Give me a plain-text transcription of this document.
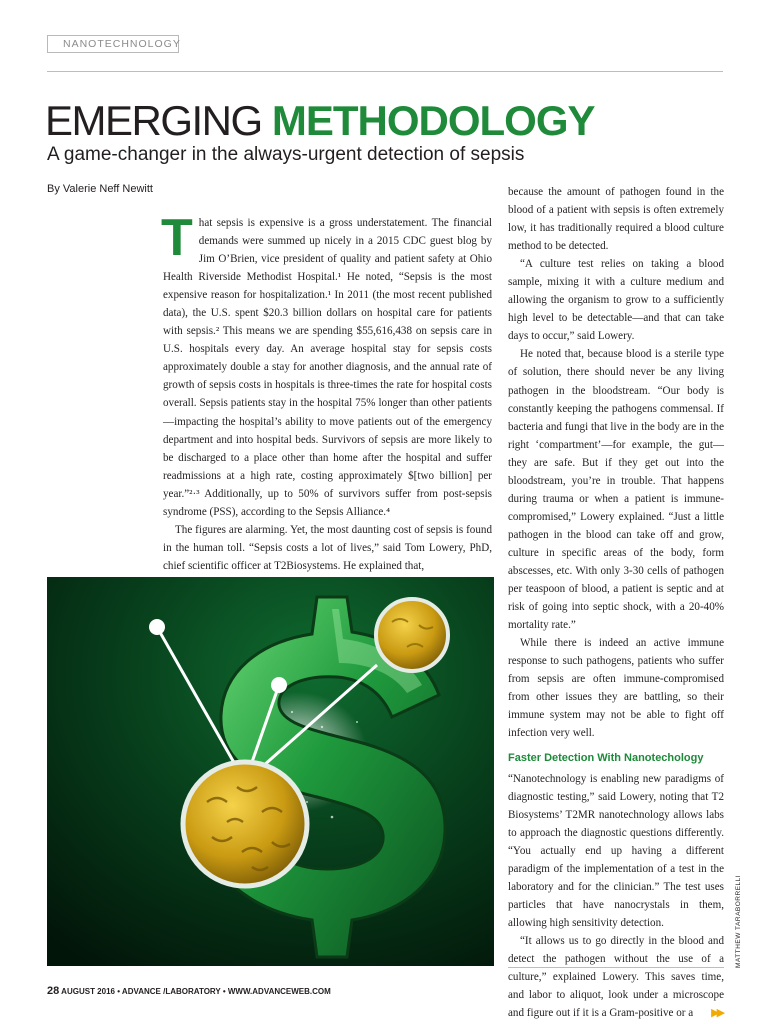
NANOTECHNOLOGY
EMERGING METHODOLOGY
A game-changer in the always-urgent detection of sepsis
By Valerie Neff Newitt

That sepsis is expensive is a gross understatement. The financial demands were summed up nicely in a 2015 CDC guest blog by Jim O’Brien, vice president of quality and patient safety at Ohio Health Riverside Methodist Hospital.¹ He noted, “Sepsis is the most expensive reason for hospitalization.¹ In 2011 (the most recent published data), the U.S. spent $20.3 billion dollars on hospital care for patients with sepsis.² This means we are spending $55,616,438 on sepsis care in U.S. hospitals every day. An average hospital stay for sepsis costs approximately double a stay for another diagnosis, and the annual rate of growth of sepsis costs in hospitals is three-times the rate for hospital costs overall. Sepsis patients stay in the hospital 75% longer than other patients—impacting the hospital’s ability to move patients out of the emergency department and into hospital beds. Survivors of sepsis are more likely to be discharged to a place other than home after the hospital and suffer readmissions at a high rate, costing approximately $[two billion] per year.”²·³ Additionally, up to 50% of survivors suffer from post-sepsis syndrome (PSS), according to the Sepsis Alliance.⁴

The figures are alarming. Yet, the most daunting cost of sepsis is found in the human toll. “Sepsis costs a lot of lives,” said Tom Lowery, PhD, chief scientific officer at T2Biosystems. He explained that,

because the amount of pathogen found in the blood of a patient with sepsis is often extremely low, it has traditionally required a blood culture method to be detected.

“A culture test relies on taking a blood sample, mixing it with a culture medium and allowing the organism to grow to a sufficiently high level to be detectable—and that can take days to occur,” said Lowery.

He noted that, because blood is a sterile type of solution, there should never be any living pathogen in the bloodstream. “Our body is constantly keeping the pathogens commensal. If bacteria and fungi that live in the body are in the right ‘compartment’—for example, the gut—they are safe. But if they get out into the bloodstream, you’re in trouble. That happens during trauma or when a patient is immune-compromised,” Lowery explained. “Just a little pathogen in the blood can take off and grow, culture in specific areas of the body, form abscesses, etc. With only 3-30 cells of pathogen per teaspoon of blood, a patient is septic and at risk of going into septic shock, with a 20-40% mortality rate.”

While there is indeed an active immune response to such pathogens, patients who suffer from sepsis are often immune-compromised from other issues they are battling, so their immune system may not be able to fight off infection very well.

Faster Detection With Nanotechology

“Nanotechnology is enabling new paradigms of diagnostic testing,” said Lowery, noting that T2 Biosystems’ T2MR nanotechnology allows labs to approach the diagnostic questions differently. “You actually end up having a different paradigm of the implementation of a test in the laboratory and for the clinician.” The test uses particles that have nanocrystals in them, allowing high sensitivity detection.

“It allows us to go directly in the blood and detect the pathogen without the use of a culture,” explained Lowery. This saves time, and labor to aliquot, look under a microscope and figure out if it is a Gram-positive or a ▶▶

MATTHEW TARABORRELLI
28 AUGUST 2016 • ADVANCE /LABORATORY • WWW.ADVANCEWEB.COM
